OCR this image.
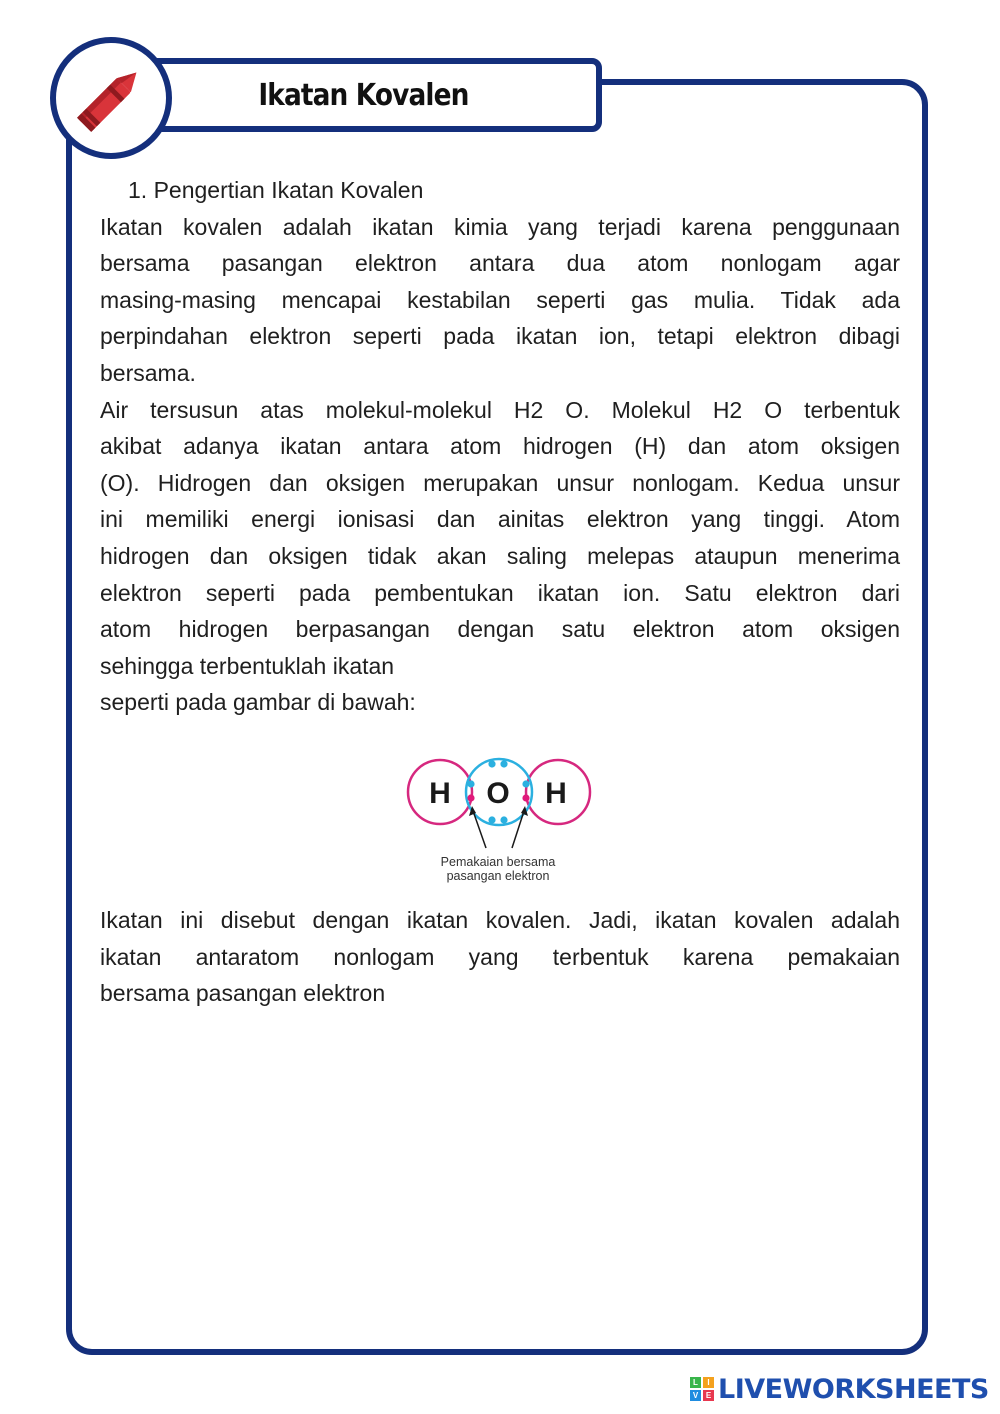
Ikatan Kovalen
1. Pengertian Ikatan Kovalen
Ikatan kovalen adalah ikatan kimia yang terjadi karena penggunaan
bersama pasangan elektron antara dua atom nonlogam agar
masing-masing mencapai kestabilan seperti gas mulia. Tidak ada
perpindahan elektron seperti pada ikatan ion, tetapi elektron dibagi
bersama.
Air tersusun atas molekul-molekul H2 O. Molekul H2 O terbentuk
akibat adanya ikatan antara atom hidrogen (H) dan atom oksigen
(O). Hidrogen dan oksigen merupakan unsur nonlogam. Kedua unsur
ini memiliki energi ionisasi dan ainitas elektron yang tinggi. Atom
hidrogen dan oksigen tidak akan saling melepas ataupun menerima
elektron seperti pada pembentukan ikatan ion. Satu elektron dari
atom hidrogen berpasangan dengan satu elektron atom oksigen
sehingga terbentuklah ikatan
seperti pada gambar di bawah:
H O H
Pemakaian bersama
pasangan elektron
Ikatan ini disebut dengan ikatan kovalen. Jadi, ikatan kovalen adalah
ikatan antaratom nonlogam yang terbentuk karena pemakaian
bersama pasangan elektron
L	I
V E LIVEWORKSHEETS
